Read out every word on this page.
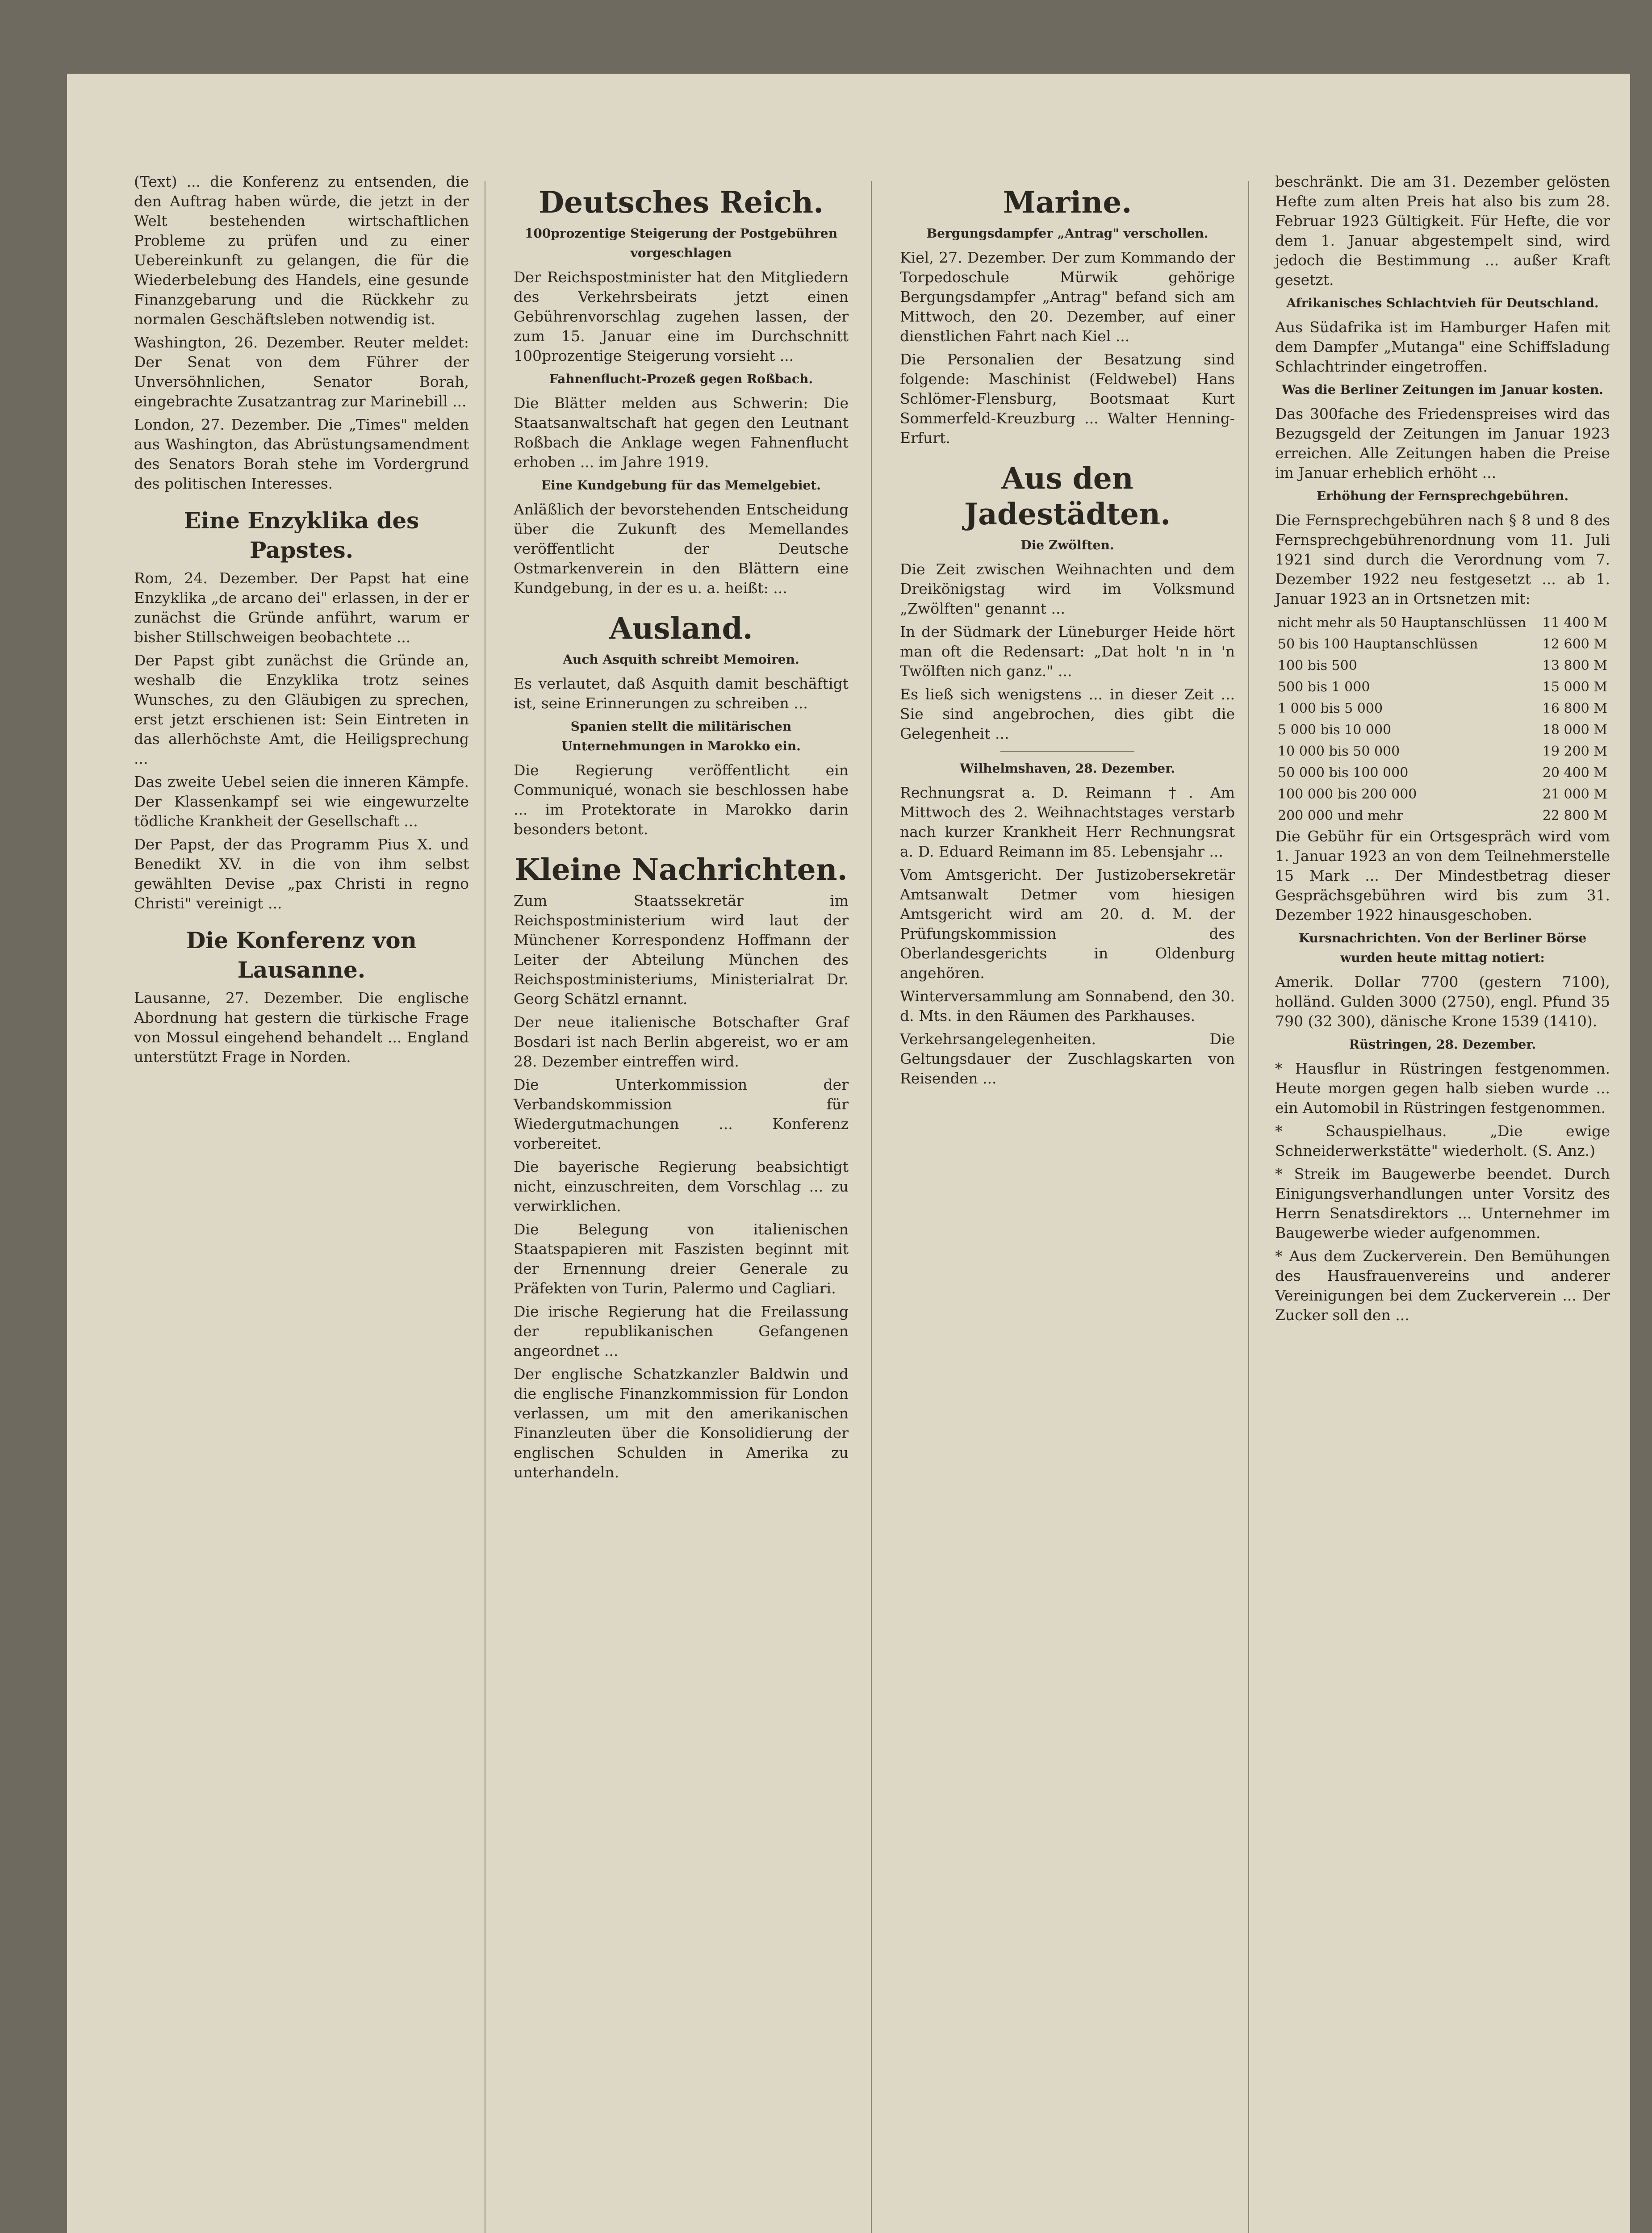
(Text) ... die Konferenz zu entsenden, die den Auftrag haben würde, die jetzt in der Welt bestehenden wirtschaftlichen Probleme zu prüfen und zu einer Uebereinkunft zu gelangen, die für die Wiederbelebung des Handels, eine gesunde Finanzgebarung und die Rückkehr zu normalen Geschäftsleben notwendig ist.

Washington, 26. Dezember. Reuter meldet: Der Senat von dem Führer der Unversöhnlichen, Senator Borah, eingebrachte Zusatzantrag zur Marinebill ...

London, 27. Dezember. Die „Times" melden aus Washington, das Abrüstungsamendment des Senators Borah stehe im Vordergrund des politischen Interesses.

Eine Enzyklika des Papstes.

Rom, 24. Dezember. Der Papst hat eine Enzyklika „de arcano dei" erlassen, in der er zunächst die Gründe anführt, warum er bisher Stillschweigen beobachtete ...

Der Papst gibt zunächst die Gründe an, weshalb die Enzyklika trotz seines Wunsches, zu den Gläubigen zu sprechen, erst jetzt erschienen ist: Sein Eintreten in das allerhöchste Amt, die Heiligsprechung ...

Das zweite Uebel seien die inneren Kämpfe. Der Klassenkampf sei wie eingewurzelte tödliche Krankheit der Gesellschaft ...

Der Papst, der das Programm Pius X. und Benedikt XV. in die von ihm selbst gewählten Devise „pax Christi in regno Christi" vereinigt ...

Die Konferenz von Lausanne.

Lausanne, 27. Dezember. Die englische Abordnung hat gestern die türkische Frage von Mossul eingehend behandelt ... England unterstützt Frage in Norden.

Deutsches Reich.
100prozentige Steigerung der Postgebühren vorgeschlagen

Der Reichspostminister hat den Mitgliedern des Verkehrsbeirats jetzt einen Gebührenvorschlag zugehen lassen, der zum 15. Januar eine im Durchschnitt 100prozentige Steigerung vorsieht ...

Fahnenflucht-Prozeß gegen Roßbach.

Die Blätter melden aus Schwerin: Die Staatsanwaltschaft hat gegen den Leutnant Roßbach die Anklage wegen Fahnenflucht erhoben ... im Jahre 1919.

Eine Kundgebung für das Memelgebiet.

Anläßlich der bevorstehenden Entscheidung über die Zukunft des Memellandes veröffentlicht der Deutsche Ostmarkenverein in den Blättern eine Kundgebung, in der es u. a. heißt: ...

Ausland.
Auch Asquith schreibt Memoiren.

Es verlautet, daß Asquith damit beschäftigt ist, seine Erinnerungen zu schreiben ...

Spanien stellt die militärischen Unternehmungen in Marokko ein.

Die Regierung veröffentlicht ein Communiqué, wonach sie beschlossen habe ... im Protektorate in Marokko darin besonders betont.

Kleine Nachrichten.

Zum Staatssekretär im Reichspostministerium wird laut der Münchener Korrespondenz Hoffmann der Leiter der Abteilung München des Reichspostministeriums, Ministerialrat Dr. Georg Schätzl ernannt.

Der neue italienische Botschafter Graf Bosdari ist nach Berlin abgereist, wo er am 28. Dezember eintreffen wird.

Die Unterkommission der Verbandskommission für Wiedergutmachungen ... Konferenz vorbereitet.

Die bayerische Regierung beabsichtigt nicht, einzuschreiten, dem Vorschlag ... zu verwirklichen.

Die Belegung von italienischen Staatspapieren mit Faszisten beginnt mit der Ernennung dreier Generale zu Präfekten von Turin, Palermo und Cagliari.

Die irische Regierung hat die Freilassung der republikanischen Gefangenen angeordnet ...

Der englische Schatzkanzler Baldwin und die englische Finanzkommission für London verlassen, um mit den amerikanischen Finanzleuten über die Konsolidierung der englischen Schulden in Amerika zu unterhandeln.

Marine.
Bergungsdampfer „Antrag" verschollen.

Kiel, 27. Dezember. Der zum Kommando der Torpedoschule Mürwik gehörige Bergungsdampfer „Antrag" befand sich am Mittwoch, den 20. Dezember, auf einer dienstlichen Fahrt nach Kiel ...

Die Personalien der Besatzung sind folgende: Maschinist (Feldwebel) Hans Schlömer-Flensburg, Bootsmaat Kurt Sommerfeld-Kreuzburg ... Walter Henning-Erfurt.

Aus den Jadestädten.
Die Zwölften.

Die Zeit zwischen Weihnachten und dem Dreikönigstag wird im Volksmund „Zwölften" genannt ...

In der Südmark der Lüneburger Heide hört man oft die Redensart: „Dat holt 'n in 'n Twölften nich ganz." ...

Es ließ sich wenigstens ... in dieser Zeit ... Sie sind angebrochen, dies gibt die Gelegenheit ...

Wilhelmshaven, 28. Dezember.

Rechnungsrat a. D. Reimann †. Am Mittwoch des 2. Weihnachtstages verstarb nach kurzer Krankheit Herr Rechnungsrat a. D. Eduard Reimann im 85. Lebensjahr ...

Vom Amtsgericht. Der Justizobersekretär Amtsanwalt Detmer vom hiesigen Amtsgericht wird am 20. d. M. der Prüfungskommission des Oberlandesgerichts in Oldenburg angehören.

Winterversammlung am Sonnabend, den 30. d. Mts. in den Räumen des Parkhauses.

Verkehrsangelegenheiten. Die Geltungsdauer der Zuschlagskarten von Reisenden ...

beschränkt. Die am 31. Dezember gelösten Hefte zum alten Preis hat also bis zum 28. Februar 1923 Gültigkeit. Für Hefte, die vor dem 1. Januar abgestempelt sind, wird jedoch die Bestimmung ... außer Kraft gesetzt.

Afrikanisches Schlachtvieh für Deutschland.

Aus Südafrika ist im Hamburger Hafen mit dem Dampfer „Mutanga" eine Schiffsladung Schlachtrinder eingetroffen.

Was die Berliner Zeitungen im Januar kosten.

Das 300fache des Friedenspreises wird das Bezugsgeld der Zeitungen im Januar 1923 erreichen. Alle Zeitungen haben die Preise im Januar erheblich erhöht ...

Erhöhung der Fernsprechgebühren.

Die Fernsprechgebühren nach § 8 und 8 des Fernsprechgebührenordnung vom 11. Juli 1921 sind durch die Verordnung vom 7. Dezember 1922 neu festgesetzt ... ab 1. Januar 1923 an in Ortsnetzen mit:

nicht mehr als 50 Hauptanschlüssen	11 400 M
50 bis 100 Hauptanschlüssen	12 600 M
100 bis 500	13 800 M
500 bis 1 000	15 000 M
1 000 bis 5 000	16 800 M
5 000 bis 10 000	18 000 M
10 000 bis 50 000	19 200 M
50 000 bis 100 000	20 400 M
100 000 bis 200 000	21 000 M
200 000 und mehr	22 800 M

Die Gebühr für ein Ortsgespräch wird vom 1. Januar 1923 an von dem Teilnehmerstelle 15 Mark ... Der Mindestbetrag dieser Gesprächsgebühren wird bis zum 31. Dezember 1922 hinausgeschoben.

Kursnachrichten. Von der Berliner Börse wurden heute mittag notiert:

Amerik. Dollar 7700 (gestern 7100), holländ. Gulden 3000 (2750), engl. Pfund 35 790 (32 300), dänische Krone 1539 (1410).

Rüstringen, 28. Dezember.

* Hausflur in Rüstringen festgenommen. Heute morgen gegen halb sieben wurde ... ein Automobil in Rüstringen festgenommen.

* Schauspielhaus. „Die ewige Schneiderwerkstätte" wiederholt. (S. Anz.)

* Streik im Baugewerbe beendet. Durch Einigungsverhandlungen unter Vorsitz des Herrn Senatsdirektors ... Unternehmer im Baugewerbe wieder aufgenommen.

* Aus dem Zuckerverein. Den Bemühungen des Hausfrauenvereins und anderer Vereinigungen bei dem Zuckerverein ... Der Zucker soll den ...
